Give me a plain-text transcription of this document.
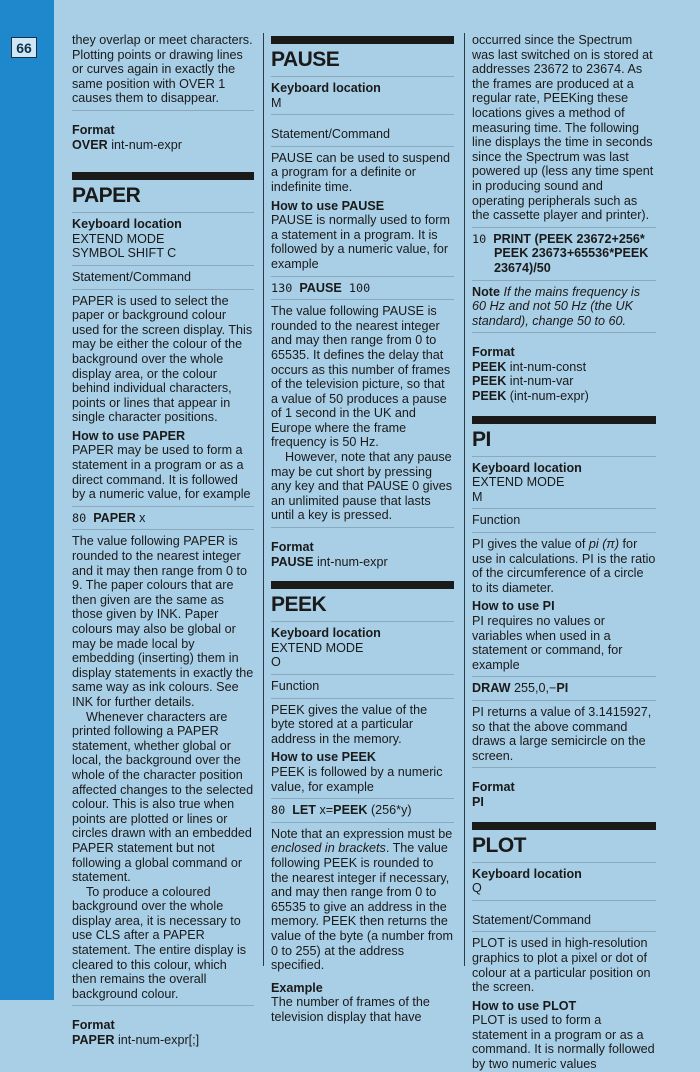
66	they overlap or meet characters. Plotting points or drawing lines or curves again in exactly the same position with OVER 1 causes them to disappear.

Format

OVER int-num-expr

PAPER

Keyboard location

EXTEND MODE

SYMBOL SHIFT C

Statement/Command

PAPER is used to select the paper or background colour used for the screen display. This may be either the colour of the background over the whole display area, or the colour behind individual characters, points or lines that appear in single character positions.

How to use PAPER

PAPER may be used to form a statement in a program or as a direct command. It is followed by a numeric value, for example

80 PAPER x

The value following PAPER is rounded to the nearest integer and it may then range from 0 to 9. The paper colours that are then given are the same as those given by INK. Paper colours may also be global or may be made local by embedding (inserting) them in display statements in exactly the same way as ink colours. See INK for further details.

Whenever characters are printed following a PAPER statement, whether global or local, the background over the whole of the character position affected changes to the selected colour. This is also true when points are plotted or lines or circles drawn with an embedded PAPER statement but not following a global command or statement.

To produce a coloured background over the whole display area, it is necessary to use CLS after a PAPER statement. The entire display is cleared to this colour, which then remains the overall background colour.

Format

PAPER int-num-expr[;]

PAUSE

Keyboard location

M

Statement/Command

PAUSE can be used to suspend a program for a definite or indefinite time.

How to use PAUSE

PAUSE is normally used to form a statement in a program. It is followed by a numeric value, for example

130 PAUSE 100

The value following PAUSE is rounded to the nearest integer and may then range from 0 to 65535. It defines the delay that occurs as this number of frames of the television picture, so that a value of 50 produces a pause of 1 second in the UK and Europe where the frame frequency is 50 Hz.

However, note that any pause may be cut short by pressing any key and that PAUSE 0 gives an unlimited pause that lasts until a key is pressed.

Format

PAUSE int-num-expr

PEEK

Keyboard location

EXTEND MODE

O

Function

PEEK gives the value of the byte stored at a particular address in the memory.

How to use PEEK

PEEK is followed by a numeric value, for example

80 LET x=PEEK (256*y)

Note that an expression must be enclosed in brackets. The value following PEEK is rounded to the nearest integer if necessary, and may then range from 0 to 65535 to give an address in the memory. PEEK then returns the value of the byte (a number from 0 to 255) at the address specified.

Example

The number of frames of the television display that have

occurred since the Spectrum was last switched on is stored at addresses 23672 to 23674. As the frames are produced at a regular rate, PEEKing these locations gives a method of measuring time. The following line displays the time in seconds since the Spectrum was last powered up (less any time spent in producing sound and operating peripherals such as the cassette player and printer).

10 PRINT (PEEK 23672+256* PEEK 23673+65536*PEEK 23674)/50

Note If the mains frequency is 60 Hz and not 50 Hz (the UK standard), change 50 to 60.

Format

PEEK int-num-const

PEEK int-num-var

PEEK (int-num-expr)

PI

Keyboard location

EXTEND MODE

M

Function

PI gives the value of pi (π) for use in calculations. PI is the ratio of the circumference of a circle to its diameter.

How to use PI

PI requires no values or variables when used in a statement or command, for example

DRAW 255,0,−PI

PI returns a value of 3.1415927, so that the above command draws a large semicircle on the screen.

Format

PI

PLOT

Keyboard location

Q

Statement/Command

PLOT is used in high-resolution graphics to plot a pixel or dot of colour at a particular position on the screen.

How to use PLOT

PLOT is used to form a statement in a program or as a command. It is normally followed by two numeric values
